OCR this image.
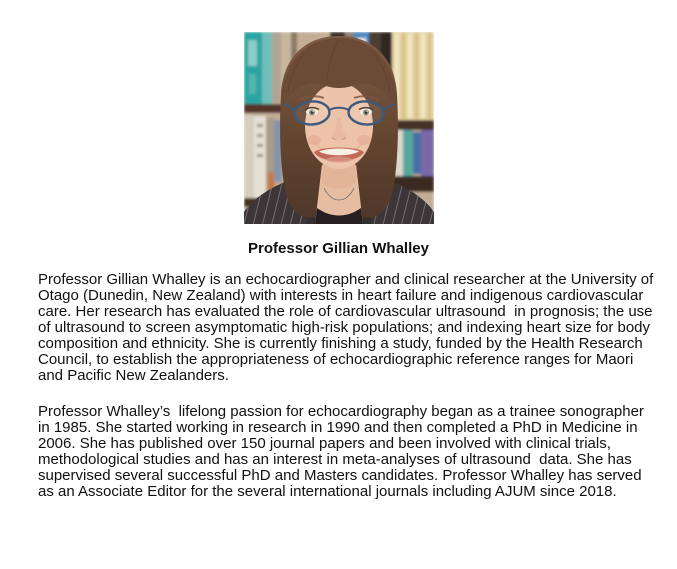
Professor Gillian Whalley

Professor Gillian Whalley is an echocardiographer and clinical researcher at the University of
Otago (Dunedin, New Zealand) with interests in heart failure and indigenous cardiovascular
care. Her research has evaluated the role of cardiovascular ultrasound  in prognosis; the use
of ultrasound to screen asymptomatic high-risk populations; and indexing heart size for body
composition and ethnicity. She is currently finishing a study, funded by the Health Research
Council, to establish the appropriateness of echocardiographic reference ranges for Maori
and Pacific New Zealanders.

Professor Whalley’s  lifelong passion for echocardiography began as a trainee sonographer
in 1985. She started working in research in 1990 and then completed a PhD in Medicine in
2006. She has published over 150 journal papers and been involved with clinical trials,
methodological studies and has an interest in meta-analyses of ultrasound  data. She has
supervised several successful PhD and Masters candidates. Professor Whalley has served
as an Associate Editor for the several international journals including AJUM since 2018.
